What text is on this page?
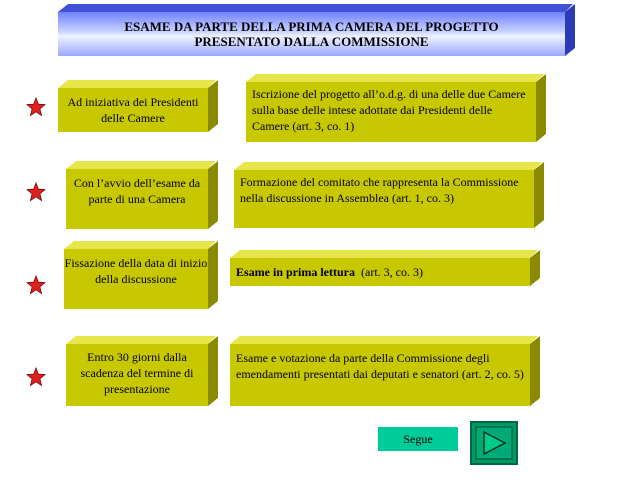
ESAME DA PARTE DELLA PRIMA CAMERA DEL PROGETTO
PRESENTATO DALLA COMMISSIONE
Ad iniziativa dei Presidenti delle Camere
Iscrizione del progetto all’o.d.g. di una delle due Camere sulla base delle intese adottate dai Presidenti delle Camere (art. 3, co. 1)
Con l’avvio dell’esame da parte di una Camera
Formazione del comitato che rappresenta la Commissione nella discussione in Assemblea (art. 1, co. 3)
Fissazione della data di inizio della discussione	Esame in prima lettura  (art. 3, co. 3)
Entro 30 giorni dalla scadenza del termine di presentazione
Esame e votazione da parte della Commissione degli emendamenti presentati dai deputati e senatori (art. 2, co. 5)
Segue
